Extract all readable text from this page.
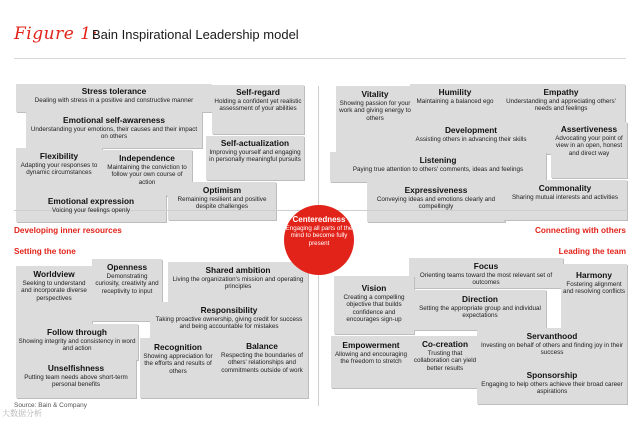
Figure 1:
Bain Inspirational Leadership model
Stress tolerance
Dealing with stress in a positive and constructive manner
Emotional self-awareness
Understanding your emotions, their causes and their impact on others
Self-regard
Holding a confident yet realistic assessment of your abilities
Self-actualization
Improving yourself and engaging in personally meaningful pursuits
Flexibility
Adapting your responses to dynamic circumstances
Independence
Maintaining the conviction to follow your own course of action
Optimism
Remaining resilient and positive despite challenges
Emotional expression
Voicing your feelings openly
Vitality
Showing passion for your work and giving energy to others
Humility
Maintaining a balanced ego
Empathy
Understanding and appreciating others' needs and feelings
Development
Assisting others in advancing their skills
Assertiveness
Advocating your point of view in an open, honest and direct way
Listening
Paying true attention to others' comments, ideas and feelings
Expressiveness
Conveying ideas and emotions clearly and compellingly
Commonality
Sharing mutual interests and activities
Worldview
Seeking to understand and incorporate diverse perspectives
Openness
Demonstrating curiosity, creativity and receptivity to input
Shared ambition
Living the organization's mission and operating principles
Responsibility
Taking proactive ownership, giving credit for success and being accountable for mistakes
Follow through
Showing integrity and consistency in word and action	Recognition
Showing appreciation for the efforts and results of others
Balance
Respecting the boundaries of others' relationships and commitments outside of work
Unselfishness
Putting team needs above short-term personal benefits
Focus
Orienting teams toward the most relevant set of outcomes
Vision
Creating a compelling objective that builds confidence and encourages sign-up
Direction
Setting the appropriate group and individual expectations
Harmony
Fostering alignment and resolving conflicts
Empowerment
Allowing and encouraging the freedom to stretch
Co-creation
Trusting that collaboration can yield better results
Servanthood
Investing on behalf of others and finding joy in their success
Sponsorship
Engaging to help others achieve their broad career aspirations
Developing inner resources	Connecting with others
Setting the tone	Leading the team
Centeredness
Engaging all parts of the mind to become fully present
Source: Bain & Company
大数据分析
